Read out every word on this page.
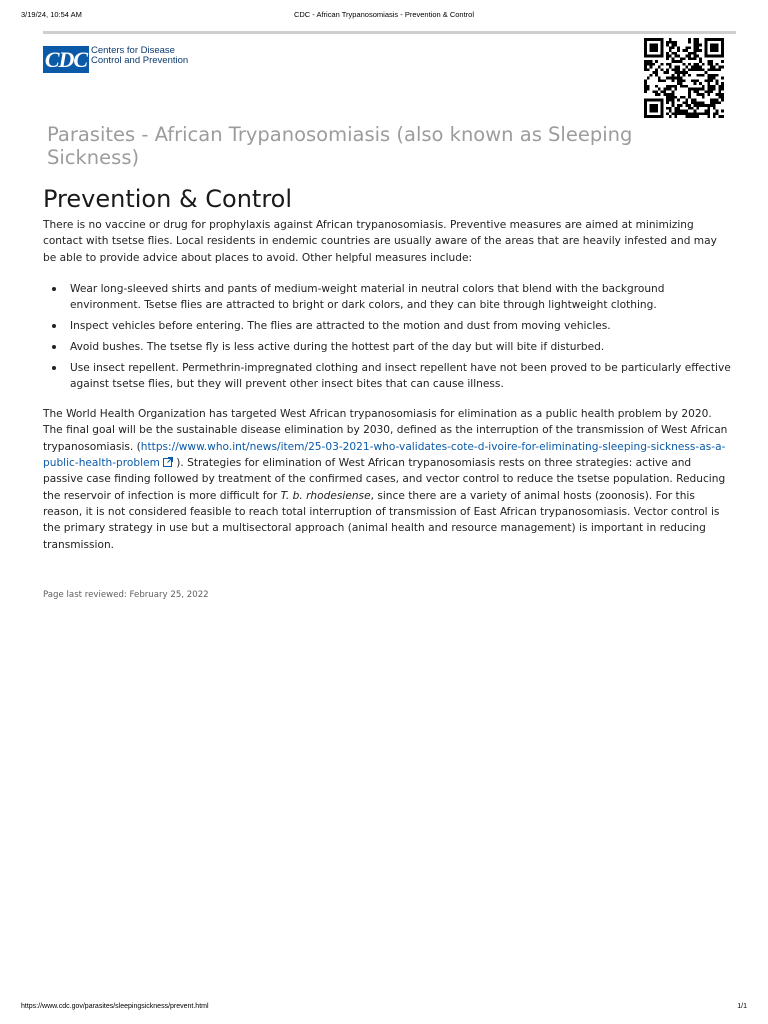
3/19/24, 10:54 AM	CDC - African Trypanosomiasis - Prevention & Control
CDC Centers for Disease
Control and Prevention
Parasites - African Trypanosomiasis (also known as Sleeping Sickness)
Prevention & Control

There is no vaccine or drug for prophylaxis against African trypanosomiasis. Preventive measures are aimed at minimizing contact with tsetse flies. Local residents in endemic countries are usually aware of the areas that are heavily infested and may be able to provide advice about places to avoid. Other helpful measures include:

Wear long-sleeved shirts and pants of medium-weight material in neutral colors that blend with the background environment. Tsetse flies are attracted to bright or dark colors, and they can bite through lightweight clothing.
Inspect vehicles before entering. The flies are attracted to the motion and dust from moving vehicles.
Avoid bushes. The tsetse fly is less active during the hottest part of the day but will bite if disturbed.
Use insect repellent. Permethrin-impregnated clothing and insect repellent have not been proved to be particularly effective against tsetse flies, but they will prevent other insect bites that can cause illness.

The World Health Organization has targeted West African trypanosomiasis for elimination as a public health problem by 2020. The final goal will be the sustainable disease elimination by 2030, defined as the interruption of the transmission of West African trypanosomiasis. (https://www.who.int/news/item/25-03-2021-who-validates-cote-d-ivoire-for-eliminating-sleeping-sickness-as-a-public-health-problem ). Strategies for elimination of West African trypanosomiasis rests on three strategies: active and passive case finding followed by treatment of the confirmed cases, and vector control to reduce the tsetse population. Reducing the reservoir of infection is more difficult for T. b. rhodesiense, since there are a variety of animal hosts (zoonosis). For this reason, it is not considered feasible to reach total interruption of transmission of East African trypanosomiasis. Vector control is the primary strategy in use but a multisectoral approach (animal health and resource management) is important in reducing transmission.

Page last reviewed: February 25, 2022
https://www.cdc.gov/parasites/sleepingsickness/prevent.html	1/1
